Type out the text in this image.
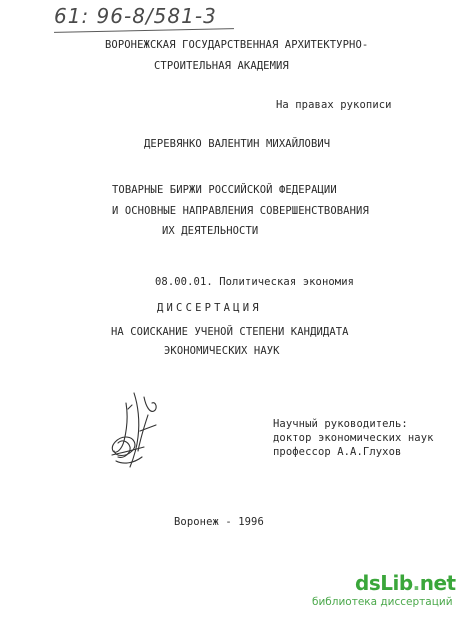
61: 96-8/581-3
ВОРОНЕЖСКАЯ ГОСУДАРСТВЕННАЯ АРХИТЕКТУРНО-
СТРОИТЕЛЬНАЯ АКАДЕМИЯ
На правах рукописи
ДЕРЕВЯНКО ВАЛЕНТИН МИХАЙЛОВИЧ
ТОВАРНЫЕ БИРЖИ РОССИЙСКОЙ ФЕДЕРАЦИИ
И ОСНОВНЫЕ НАПРАВЛЕНИЯ СОВЕРШЕНСТВОВАНИЯ
ИХ ДЕЯТЕЛЬНОСТИ
08.00.01. Политическая экономия
ДИССЕРТАЦИЯ
НА СОИСКАНИЕ УЧЕНОЙ СТЕПЕНИ КАНДИДАТА
ЭКОНОМИЧЕСКИХ НАУК
Научный руководитель:
доктор экономических наук
профессор А.А.Глухов
Воронеж - 1996
dsLib.net
библиотека диссертаций
